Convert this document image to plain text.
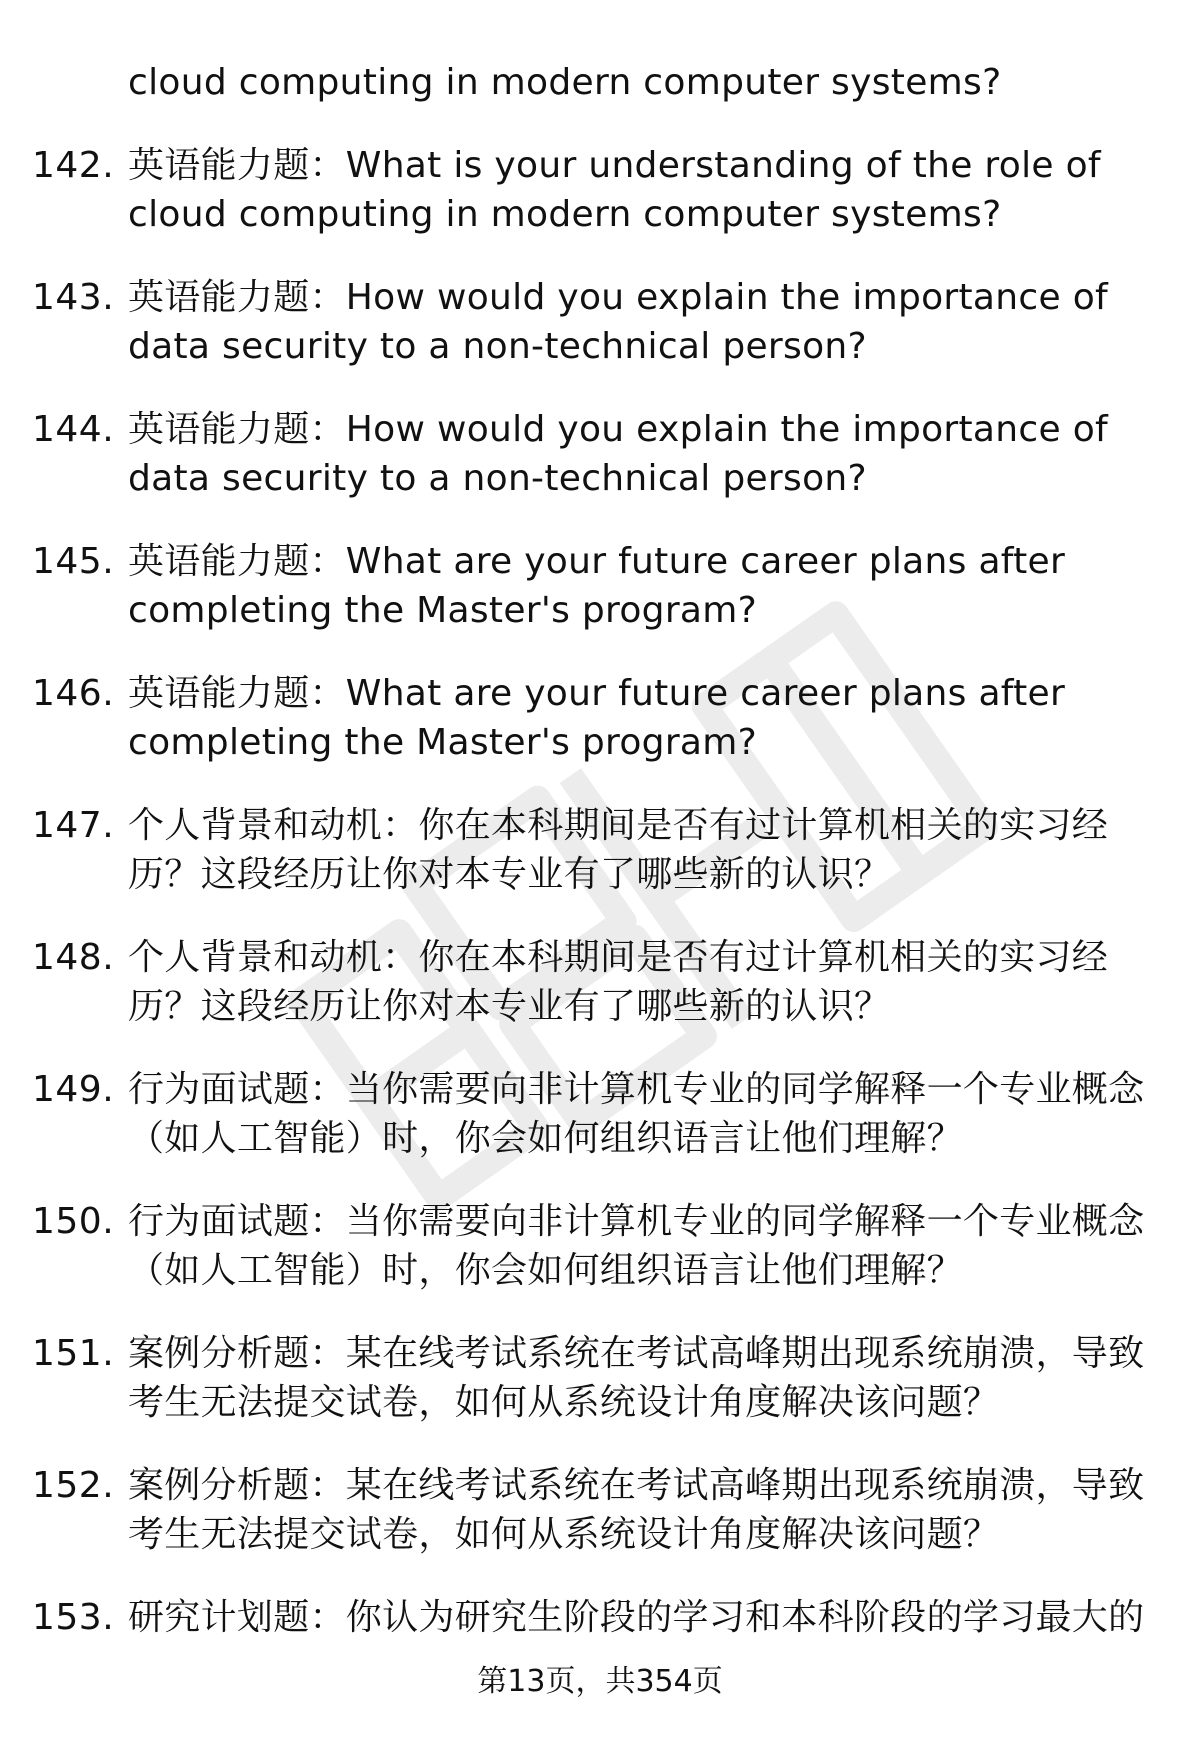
cloud computing in modern computer systems?
142. 英语能力题：What is your understanding of the role of cloud computing in modern computer systems?
143. 英语能力题：How would you explain the importance of data security to a non-technical person?
144. 英语能力题：How would you explain the importance of data security to a non-technical person?
145. 英语能力题：What are your future career plans after completing the Master's program?
146. 英语能力题：What are your future career plans after completing the Master's program?
147. 个人背景和动机：你在本科期间是否有过计算机相关的实习经历？这段经历让你对本专业有了哪些新的认识？
148. 个人背景和动机：你在本科期间是否有过计算机相关的实习经历？这段经历让你对本专业有了哪些新的认识？
149. 行为面试题：当你需要向非计算机专业的同学解释一个专业概念（如人工智能）时，你会如何组织语言让他们理解？
150. 行为面试题：当你需要向非计算机专业的同学解释一个专业概念（如人工智能）时，你会如何组织语言让他们理解？
151. 案例分析题：某在线考试系统在考试高峰期出现系统崩溃，导致考生无法提交试卷，如何从系统设计角度解决该问题？
152. 案例分析题：某在线考试系统在考试高峰期出现系统崩溃，导致考生无法提交试卷，如何从系统设计角度解决该问题？
153. 研究计划题：你认为研究生阶段的学习和本科阶段的学习最大的
第13页，共354页
